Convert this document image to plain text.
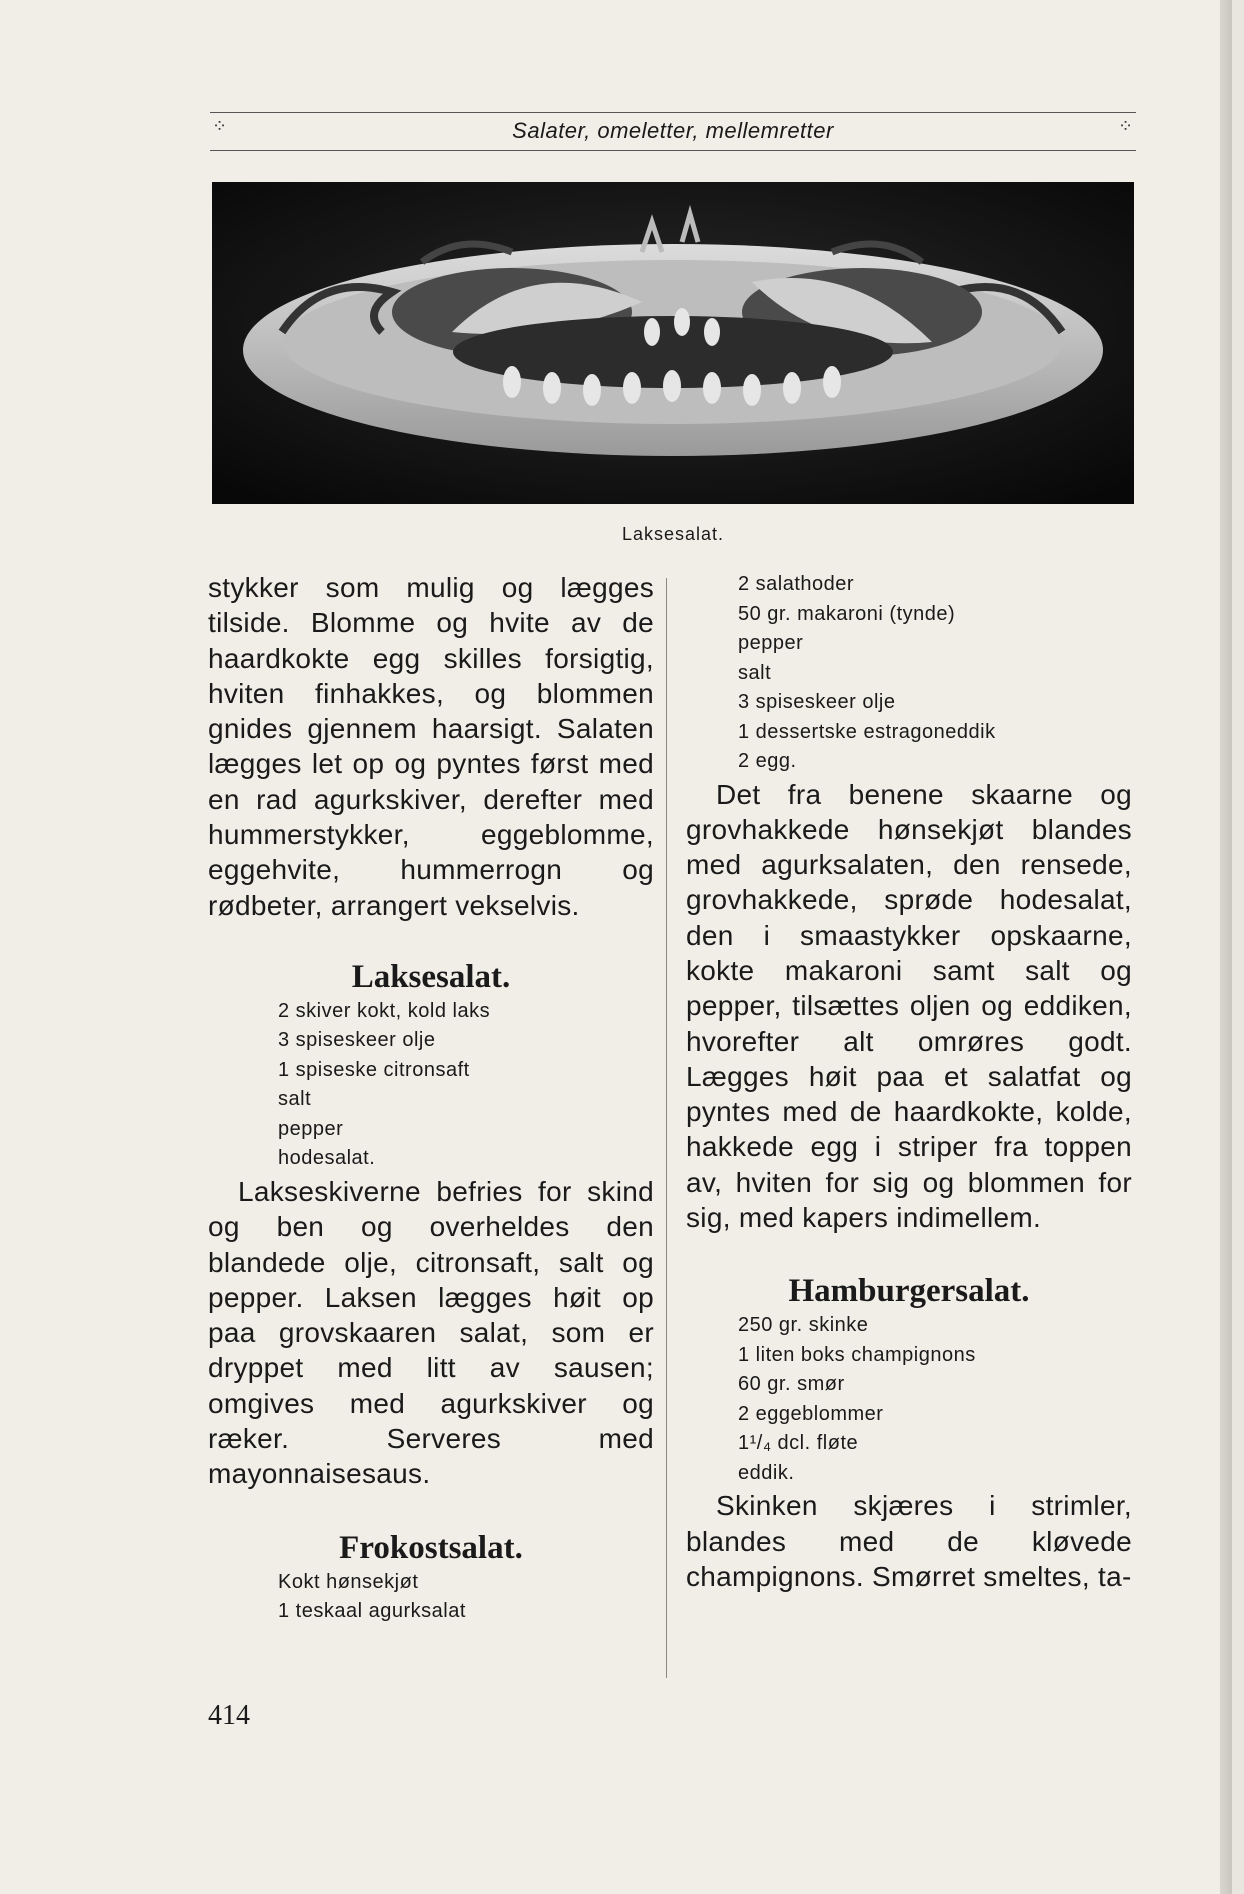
⁘	Salater, omeletter, mellemretter	⁘
Laksesalat.

stykker som mulig og lægges tilside. Blomme og hvite av de haardkokte egg skilles forsigtig, hviten finhakkes, og blommen gnides gjennem haarsigt. Salaten lægges let op og pyntes først med en rad agurkskiver, derefter med hummerstykker, eggeblomme, eggehvite, hummerrogn og rødbeter, arrangert vekselvis.

Laksesalat.
2 skiver kokt, kold laks
3 spiseskeer olje
1 spiseske citronsaft
salt
pepper
hodesalat.

Lakseskiverne befries for skind og ben og overheldes den blandede olje, citronsaft, salt og pepper. Laksen lægges høit op paa grovskaaren salat, som er dryppet med litt av sausen; omgives med agurkskiver og ræker. Serveres med mayonnaisesaus.

Frokostsalat.
Kokt hønsekjøt
1 teskaal agurksalat
2 salathoder
50 gr. makaroni (tynde)
pepper
salt
3 spiseskeer olje
1 dessertske estragoneddik
2 egg.

Det fra benene skaarne og grovhakkede hønsekjøt blandes med agurksalaten, den rensede, grovhakkede, sprøde hodesalat, den i smaastykker opskaarne, kokte makaroni samt salt og pepper, tilsættes oljen og eddiken, hvorefter alt omrøres godt. Lægges høit paa et salatfat og pyntes med de haardkokte, kolde, hakkede egg i striper fra toppen av, hviten for sig og blommen for sig, med kapers indimellem.

Hamburgersalat.
250 gr. skinke
1 liten boks champignons
60 gr. smør
2 eggeblommer
1¹/₄ dcl. fløte
eddik.

Skinken skjæres i strimler, blandes med de kløvede champignons. Smørret smeltes, ta-

414
